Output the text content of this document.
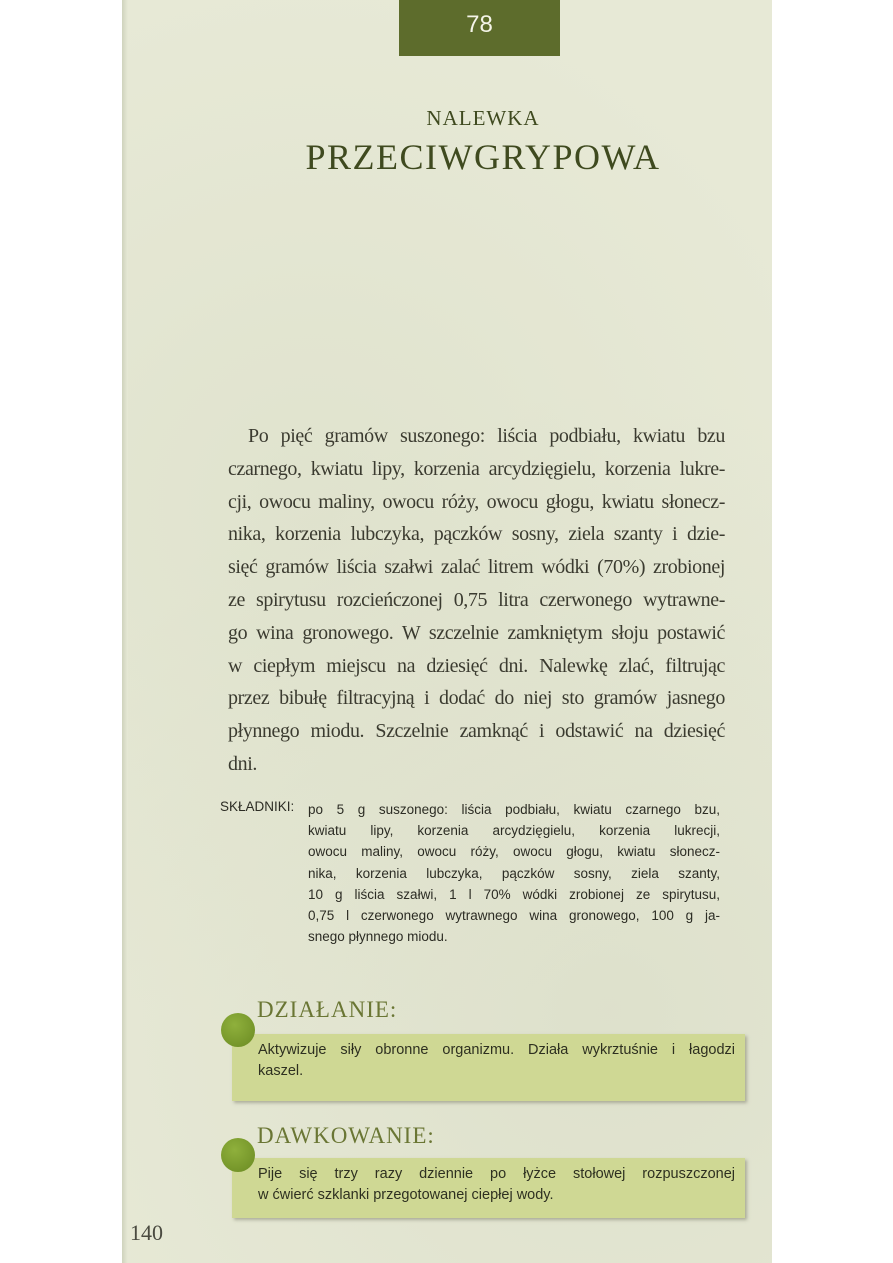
78
NALEWKA
PRZECIWGRYPOWA
Po pięć gramów suszonego: liścia podbiału, kwiatu bzu
czarnego, kwiatu lipy, korzenia arcydzięgielu, korzenia lukre-
cji, owocu maliny, owocu róży, owocu głogu, kwiatu słonecz-
nika, korzenia lubczyka, pączków sosny, ziela szanty i dzie-
sięć gramów liścia szałwi zalać litrem wódki (70%) zrobionej
ze spirytusu rozcieńczonej 0,75 litra czerwonego wytrawne-
go wina gronowego. W szczelnie zamkniętym słoju postawić
w ciepłym miejscu na dziesięć dni. Nalewkę zlać, filtrując
przez bibułę filtracyjną i dodać do niej sto gramów jasnego
płynnego miodu. Szczelnie zamknąć i odstawić na dziesięć
dni.
SKŁADNIKI: po 5 g suszonego: liścia podbiału, kwiatu czarnego bzu,
kwiatu lipy, korzenia arcydzięgielu, korzenia lukrecji,
owocu maliny, owocu róży, owocu głogu, kwiatu słonecz-
nika, korzenia lubczyka, pączków sosny, ziela szanty,
10 g liścia szałwi, 1 l 70% wódki zrobionej ze spirytusu,
0,75 l czerwonego wytrawnego wina gronowego, 100 g ja-
snego płynnego miodu.
DZIAŁANIE:
Aktywizuje siły obronne organizmu. Działa wykrztuśnie i łagodzi
kaszel.
DAWKOWANIE:
Pije się trzy razy dziennie po łyżce stołowej rozpuszczonej
w ćwierć szklanki przegotowanej ciepłej wody.
140
